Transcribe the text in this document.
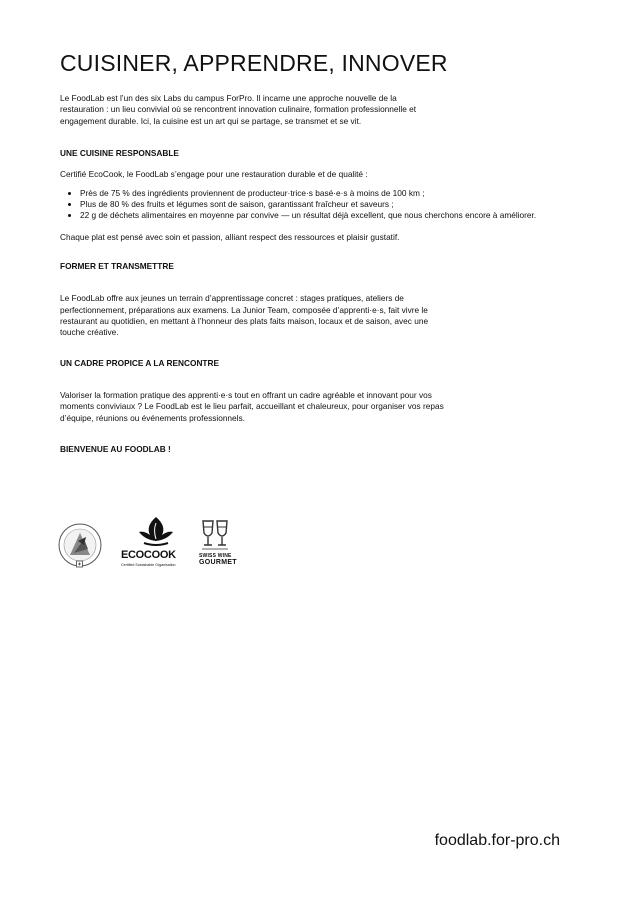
CUISINER, APPRENDRE, INNOVER

Le FoodLab est l’un des six Labs du campus ForPro. Il incarne une approche nouvelle de la restauration : un lieu convivial où se rencontrent innovation culinaire, formation professionnelle et engagement durable. Ici, la cuisine est un art qui se partage, se transmet et se vit.

UNE CUISINE RESPONSABLE

Certifié EcoCook, le FoodLab s’engage pour une restauration durable et de qualité :

• Près de 75 % des ingrédients proviennent de producteur·trice·s basé·e·s à moins de 100 km ;
• Plus de 80 % des fruits et légumes sont de saison, garantissant fraîcheur et saveurs ;
• 22 g de déchets alimentaires en moyenne par convive — un résultat déjà excellent, que nous cherchons encore à améliorer.

Chaque plat est pensé avec soin et passion, alliant respect des ressources et plaisir gustatif.

FORMER ET TRANSMETTRE

Le FoodLab offre aux jeunes un terrain d’apprentissage concret : stages pratiques, ateliers de perfectionnement, préparations aux examens. La Junior Team, composée d’apprenti·e·s, fait vivre le restaurant au quotidien, en mettant à l’honneur des plats faits maison, locaux et de saison, avec une touche créative.

UN CADRE PROPICE A LA RENCONTRE

Valoriser la formation pratique des apprenti·e·s tout en offrant un cadre agréable et innovant pour vos moments conviviaux ? Le FoodLab est le lieu parfait, accueillant et chaleureux, pour organiser vos repas d’équipe, réunions ou événements professionnels.

BIENVENUE AU FOODLAB !
ECOCOOK
Certified Sustainable Organisation
SWISS WINE
GOURMET
foodlab.for-pro.ch
